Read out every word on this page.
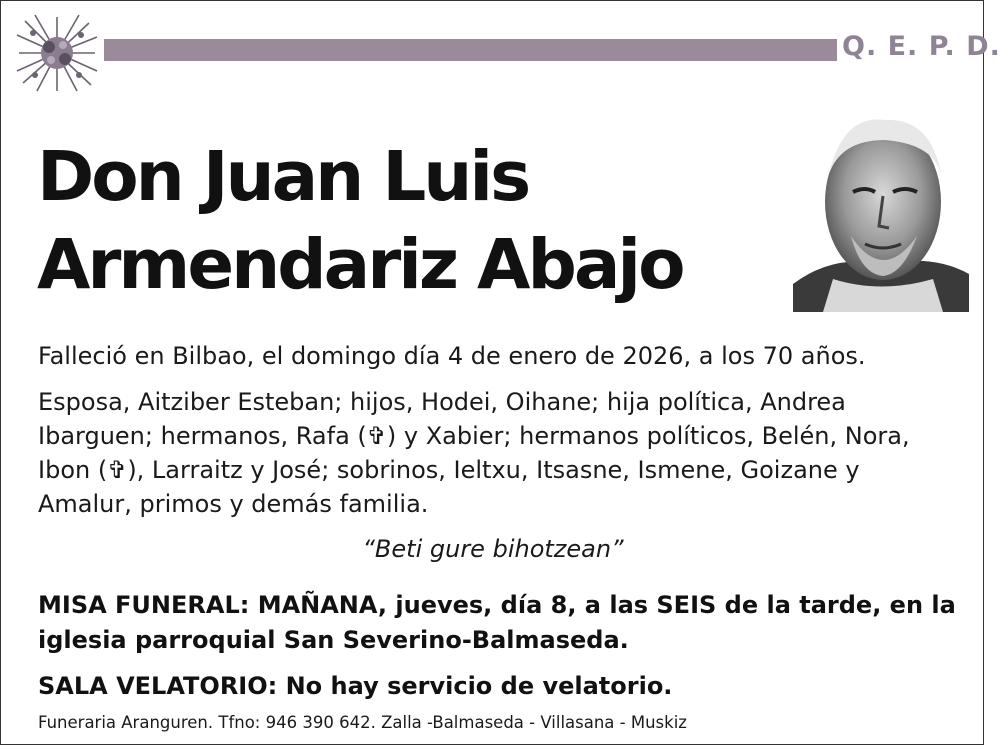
Q. E. P. D.
Don Juan Luis
Armendariz Abajo
Falleció en Bilbao, el domingo día 4 de enero de 2026, a los 70 años.
Esposa, Aitziber Esteban; hijos, Hodei, Oihane; hija política, Andrea Ibarguen; hermanos, Rafa (✞) y Xabier; hermanos políticos, Belén, Nora, Ibon (✞), Larraitz y José; sobrinos, Ieltxu, Itsasne, Ismene, Goizane y Amalur, primos y demás familia.
“Beti gure bihotzean”
MISA FUNERAL: MAÑANA, jueves, día 8, a las SEIS de la tarde, en la iglesia parroquial San Severino-Balmaseda.
SALA VELATORIO: No hay servicio de velatorio.
Funeraria Aranguren. Tfno: 946 390 642. Zalla -Balmaseda - Villasana - Muskiz
